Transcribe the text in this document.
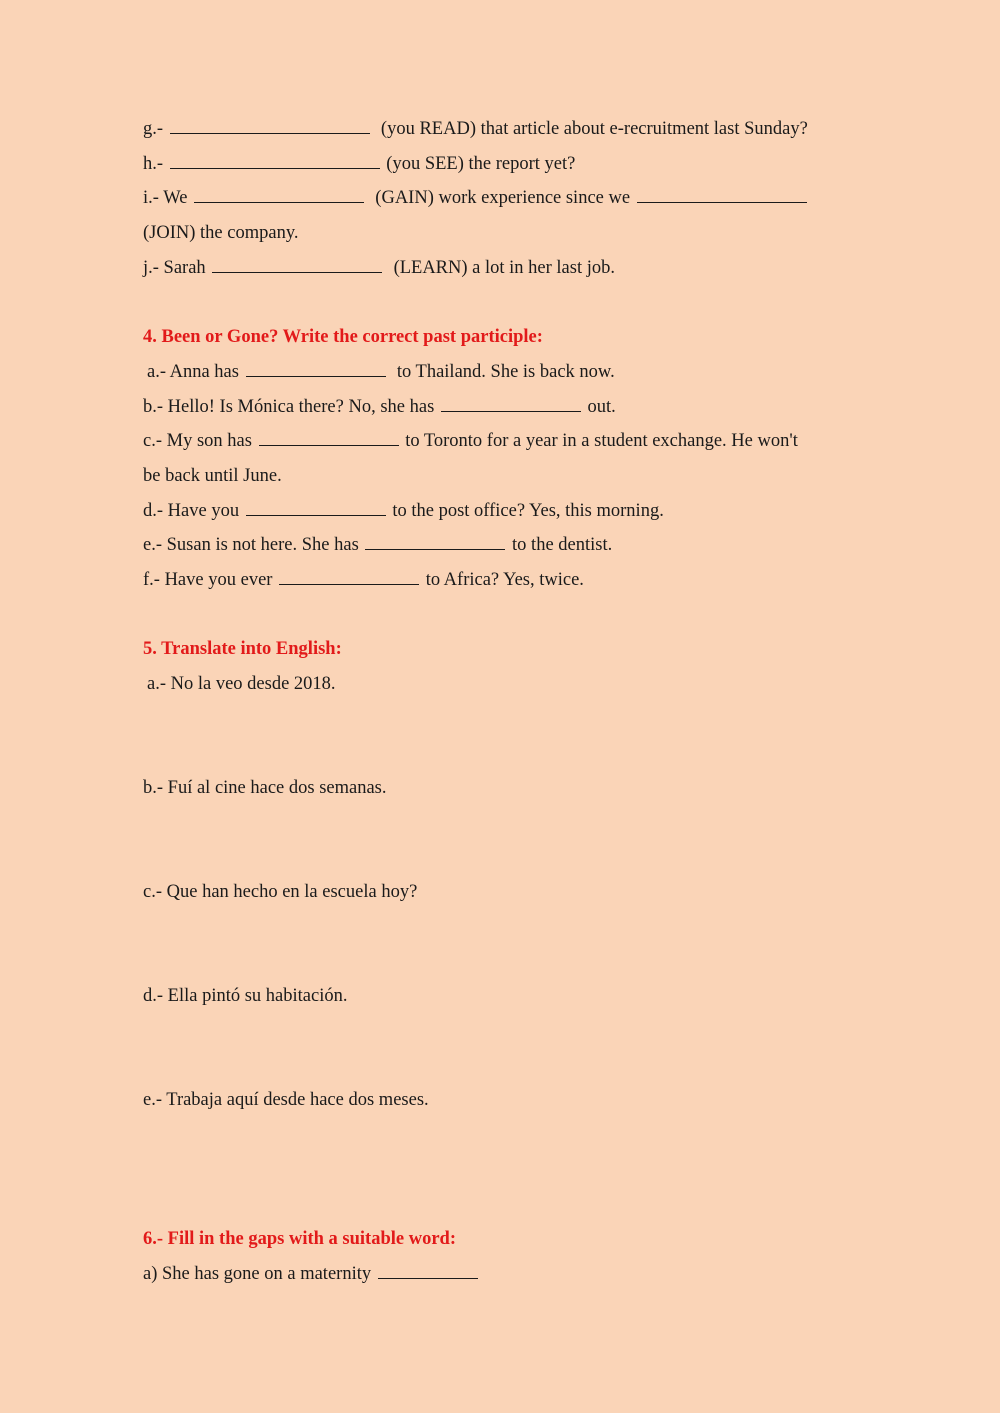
g.-	(you READ) that article about e-recruitment last Sunday?
h.-	(you SEE) the report yet?
i.- We	(GAIN) work experience since we
(JOIN) the company.
j.- Sarah	(LEARN) a lot in her last job.
4. Been or Gone? Write the correct past participle:
a.- Anna has	to Thailand. She is back now.
b.- Hello! Is Mónica there? No, she has	out.
c.- My son has	to Toronto for a year in a student exchange. He won't
be back until June.
d.- Have you	to the post office? Yes, this morning.
e.- Susan is not here. She has	to the dentist.
f.- Have you ever	to Africa? Yes, twice.
5. Translate into English:
a.- No la veo desde 2018.
b.- Fuí al cine hace dos semanas.
c.- Que han hecho en la escuela hoy?
d.- Ella pintó su habitación.
e.- Trabaja aquí desde hace dos meses.
6.- Fill in the gaps with a suitable word:
a) She has gone on a maternity
